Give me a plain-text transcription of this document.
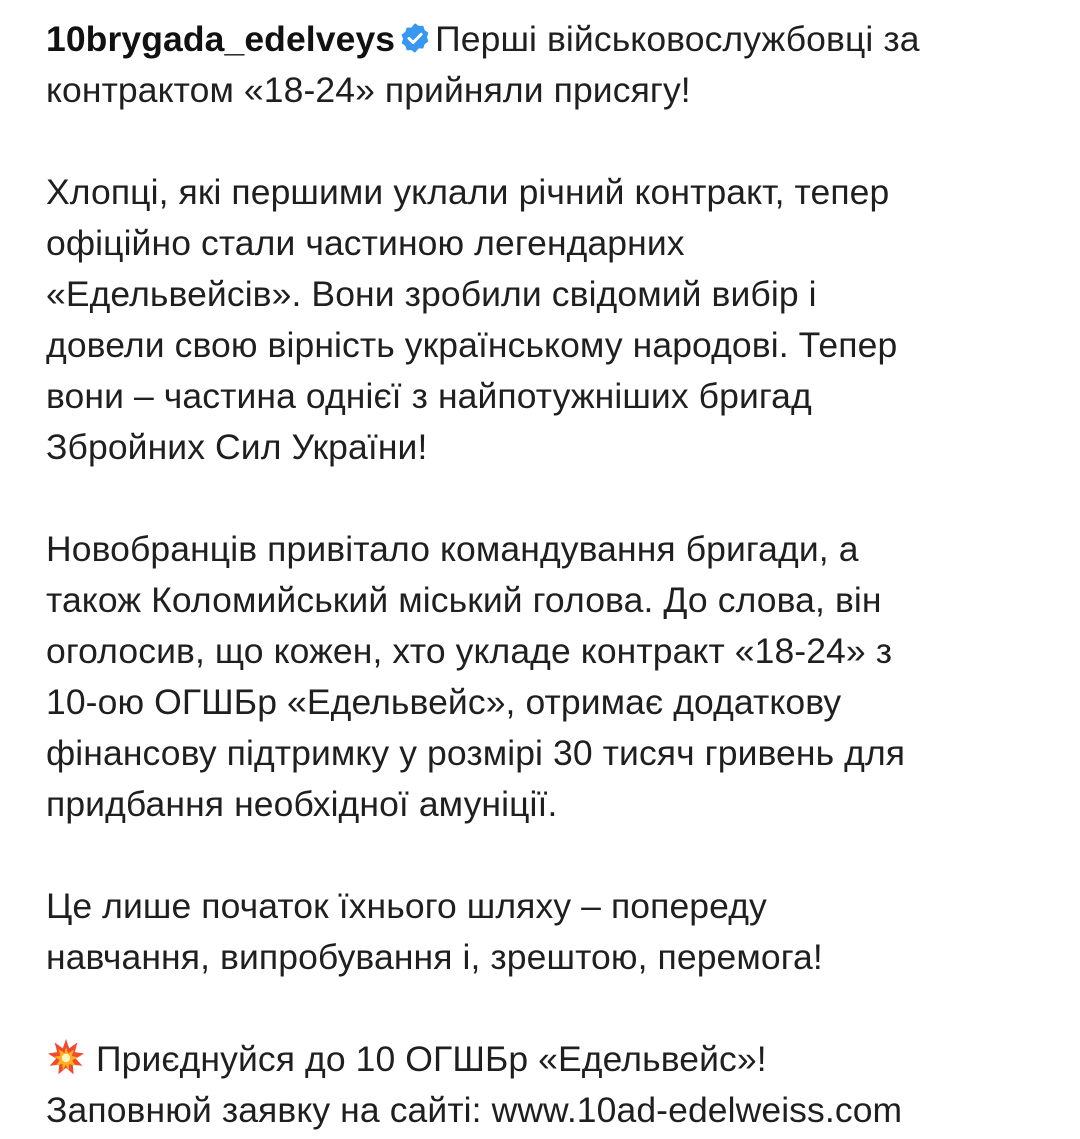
10brygada_edelveys Перші військовослужбовці за
контрактом «18-24» прийняли присягу!

Хлопці, які першими уклали річний контракт, тепер
офіційно стали частиною легендарних
«Едельвейсів». Вони зробили свідомий вибір і
довели свою вірність українському народові. Тепер
вони – частина однієї з найпотужніших бригад
Збройних Сил України!

Новобранців привітало командування бригади, а
також Коломийський міський голова. До слова, він
оголосив, що кожен, хто укладе контракт «18-24» з
10-ою ОГШБр «Едельвейс», отримає додаткову
фінансову підтримку у розмірі 30 тисяч гривень для
придбання необхідної амуніції.

Це лише початок їхнього шляху – попереду
навчання, випробування і, зрештою, перемога!

Приєднуйся до 10 ОГШБр «Едельвейс»!
Заповнюй заявку на сайті: www.10ad-edelweiss.com
